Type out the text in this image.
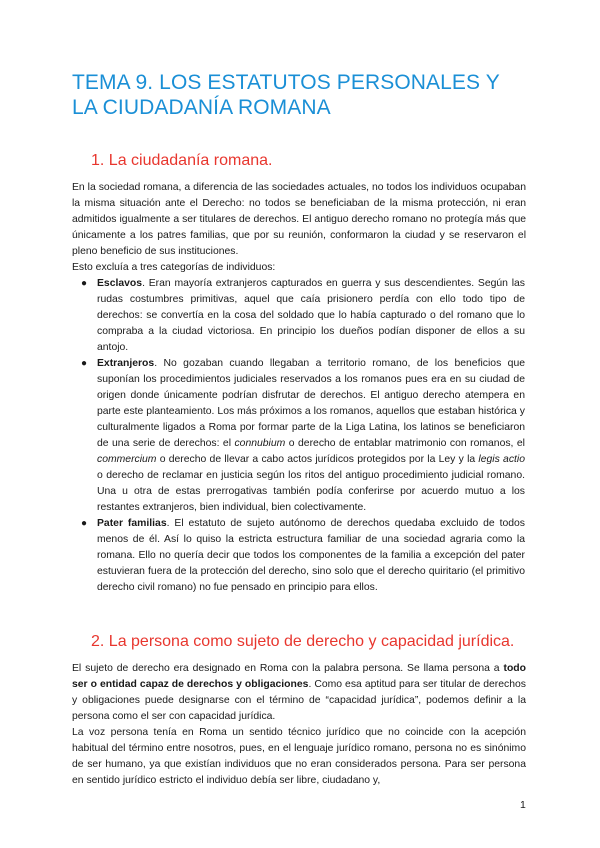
TEMA 9. LOS ESTATUTOS PERSONALES Y LA CIUDADANÍA ROMANA
1. La ciudadanía romana.

En la sociedad romana, a diferencia de las sociedades actuales, no todos los individuos ocupaban la misma situación ante el Derecho: no todos se beneficiaban de la misma protección, ni eran admitidos igualmente a ser titulares de derechos. El antiguo derecho romano no protegía más que únicamente a los patres familias, que por su reunión, conformaron la ciudad y se reservaron el pleno beneficio de sus instituciones.

Esto excluía a tres categorías de individuos:

● Esclavos. Eran mayoría extranjeros capturados en guerra y sus descendientes. Según las rudas costumbres primitivas, aquel que caía prisionero perdía con ello todo tipo de derechos: se convertía en la cosa del soldado que lo había capturado o del romano que lo compraba a la ciudad victoriosa. En principio los dueños podían disponer de ellos a su antojo.
● Extranjeros. No gozaban cuando llegaban a territorio romano, de los beneficios que suponían los procedimientos judiciales reservados a los romanos pues era en su ciudad de origen donde únicamente podrían disfrutar de derechos. El antiguo derecho atempera en parte este planteamiento. Los más próximos a los romanos, aquellos que estaban histórica y culturalmente ligados a Roma por formar parte de la Liga Latina, los latinos se beneficiaron de una serie de derechos: el connubium o derecho de entablar matrimonio con romanos, el commercium o derecho de llevar a cabo actos jurídicos protegidos por la Ley y la legis actio o derecho de reclamar en justicia según los ritos del antiguo procedimiento judicial romano. Una u otra de estas prerrogativas también podía conferirse por acuerdo mutuo a los restantes extranjeros, bien individual, bien colectivamente.
● Pater familias. El estatuto de sujeto autónomo de derechos quedaba excluido de todos menos de él. Así lo quiso la estricta estructura familiar de una sociedad agraria como la romana. Ello no quería decir que todos los componentes de la familia a excepción del pater estuvieran fuera de la protección del derecho, sino solo que el derecho quiritario (el primitivo derecho civil romano) no fue pensado en principio para ellos.
2. La persona como sujeto de derecho y capacidad jurídica.

El sujeto de derecho era designado en Roma con la palabra persona. Se llama persona a todo ser o entidad capaz de derechos y obligaciones. Como esa aptitud para ser titular de derechos y obligaciones puede designarse con el término de “capacidad jurídica”, podemos definir a la persona como el ser con capacidad jurídica.

La voz persona tenía en Roma un sentido técnico jurídico que no coincide con la acepción habitual del término entre nosotros, pues, en el lenguaje jurídico romano, persona no es sinónimo de ser humano, ya que existían individuos que no eran considerados persona. Para ser persona en sentido jurídico estricto el individuo debía ser libre, ciudadano y,

1
